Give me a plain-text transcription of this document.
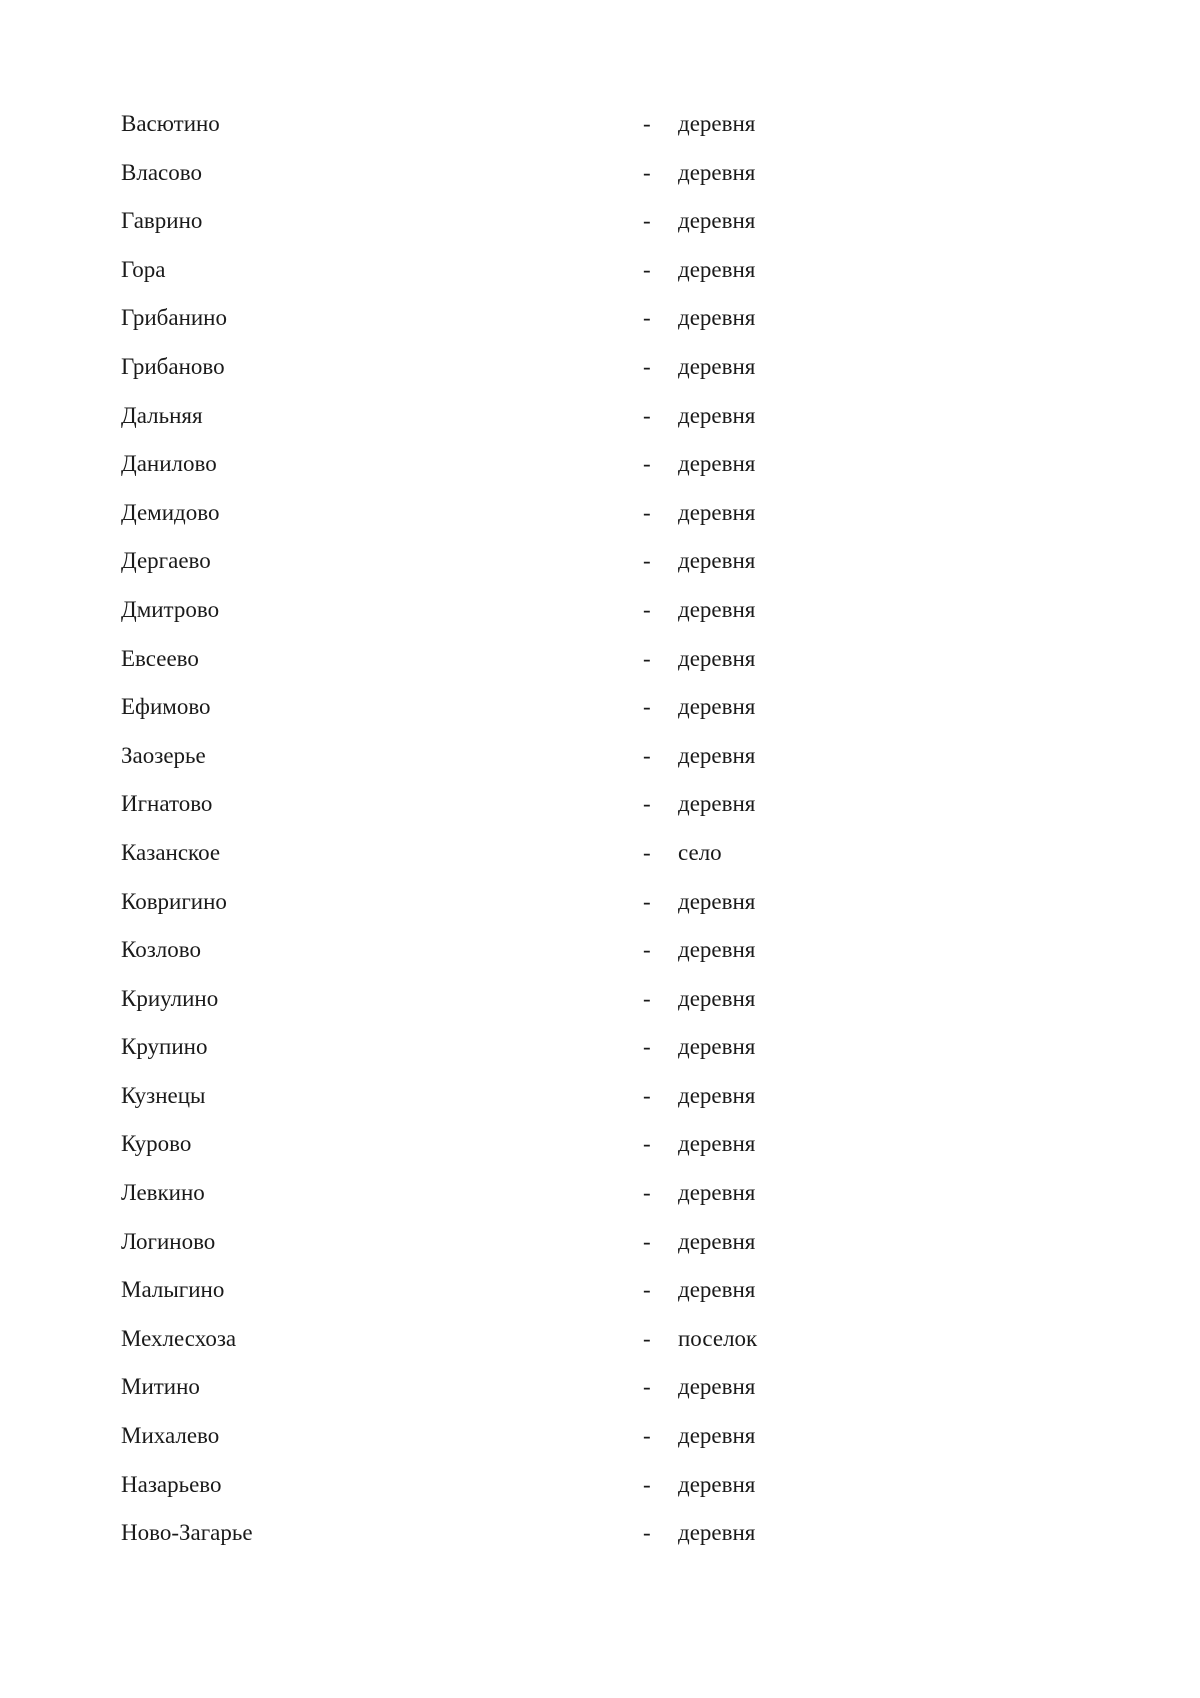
Васютино	-	деревня
Власово	-	деревня
Гаврино	-	деревня
Гора	-	деревня
Грибанино	-	деревня
Грибаново	-	деревня
Дальняя	-	деревня
Данилово	-	деревня
Демидово	-	деревня
Дергаево	-	деревня
Дмитрово	-	деревня
Евсеево	-	деревня
Ефимово	-	деревня
Заозерье	-	деревня
Игнатово	-	деревня
Казанское	-	село
Ковригино	-	деревня
Козлово	-	деревня
Криулино	-	деревня
Крупино	-	деревня
Кузнецы	-	деревня
Курово	-	деревня
Левкино	-	деревня
Логиново	-	деревня
Малыгино	-	деревня
Мехлесхоза	-	поселок
Митино	-	деревня
Михалево	-	деревня
Назарьево	-	деревня
Ново-Загарье	-	деревня
